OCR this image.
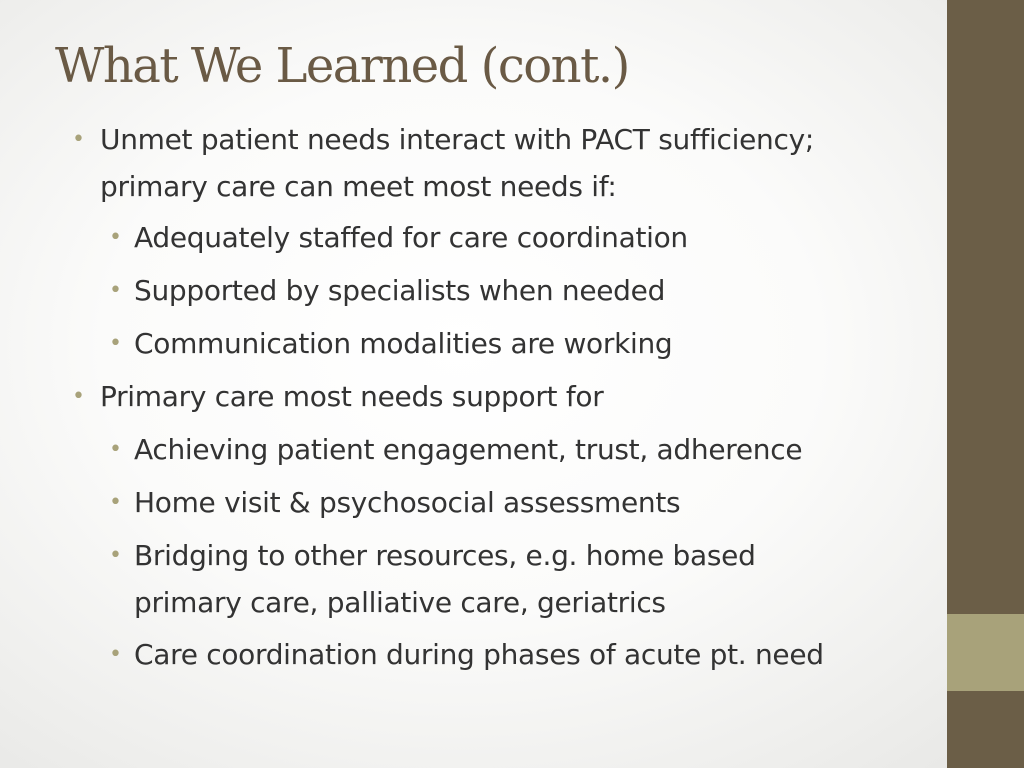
What We Learned (cont.)
• Unmet patient needs interact with PACT sufficiency;
primary care can meet most needs if:
• Adequately staffed for care coordination
• Supported by specialists when needed
• Communication modalities are working
• Primary care most needs support for
• Achieving patient engagement, trust, adherence
• Home visit & psychosocial assessments
• Bridging to other resources, e.g. home based
primary care, palliative care, geriatrics
• Care coordination during phases of acute pt. need
